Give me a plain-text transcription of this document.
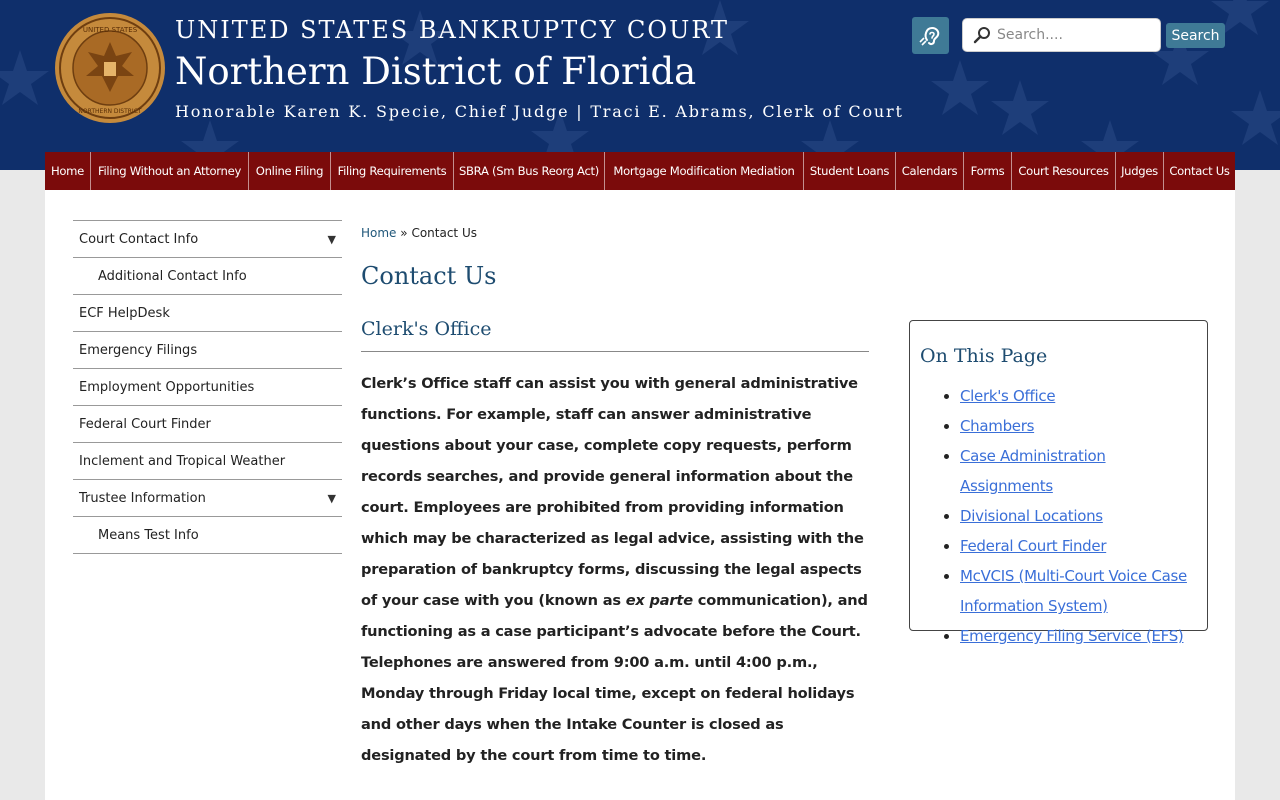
UNITED STATES
NORTHERN DISTRICT
UNITED STATES BANKRUPTCY COURT
Northern District of Florida
Honorable Karen K. Specie, Chief Judge | Traci E. Abrams, Clerk of Court
Search....
Search
Home	Filing Without an Attorney	Online Filing	Filing Requirements	SBRA (Sm Bus Reorg Act)	Mortgage Modification Mediation	Student Loans	Calendars	Forms	Court Resources	Judges Contact Us
Court Contact Info	▼
Additional Contact Info
ECF HelpDesk
Emergency Filings
Employment Opportunities
Federal Court Finder
Inclement and Tropical Weather
Trustee Information	▼
Means Test Info
Home » Contact Us
Contact Us
Clerk's Office
Clerk’s Office staff can assist you with general administrative functions. For example, staff can answer administrative questions about your case, complete copy requests, perform records searches, and provide general information about the court. Employees are prohibited from providing information which may be characterized as legal advice, assisting with the preparation of bankruptcy forms, discussing the legal aspects of your case with you (known as ex parte communication), and functioning as a case participant’s advocate before the Court. Telephones are answered from 9:00 a.m. until 4:00 p.m., Monday through Friday local time, except on federal holidays and other days when the Intake Counter is closed as designated by the court from time to time.
On This Page
• Clerk's Office
• Chambers
• Case Administration Assignments
• Divisional Locations
• Federal Court Finder
• McVCIS (Multi-Court Voice Case Information System)
• Emergency Filing Service (EFS)
